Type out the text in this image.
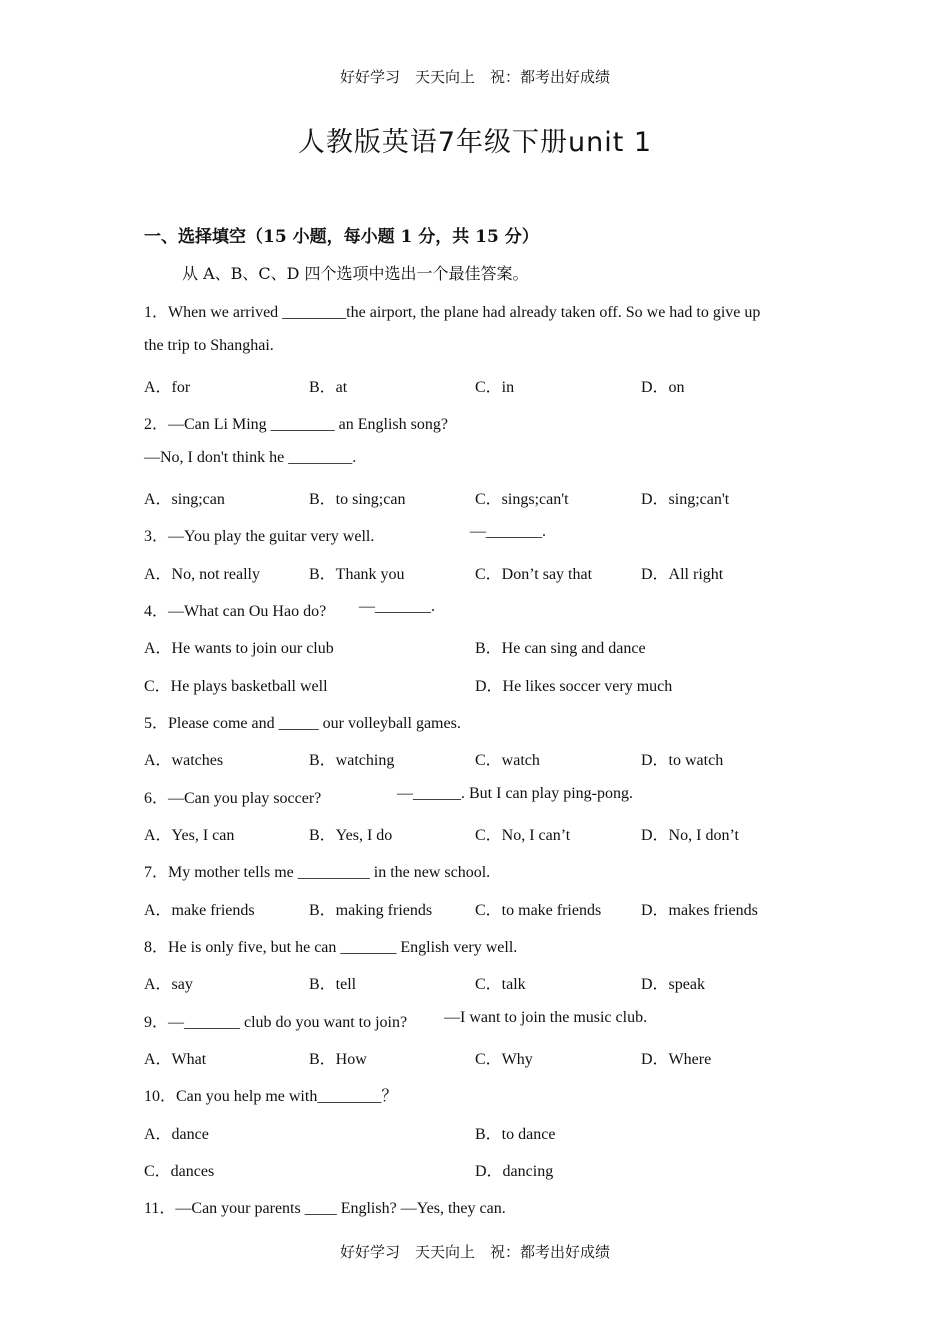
好好学习　天天向上　祝：都考出好成绩
人教版英语7年级下册unit 1
一、选择填空（15 小题，每小题 1 分，共 15 分）
从 A、B、C、D 四个选项中选出一个最佳答案。
1．When we arrived ________the airport, the plane had already taken off. So we had to give up
the trip to Shanghai.
A．for	B．at	C．in	D．on
2．—Can Li Ming ________ an English song?
—No, I don't think he ________.
A．sing;can	B．to sing;can	C．sings;can't	D．sing;can't
3．—You play the guitar very well.	—_______.
A．No, not really	B．Thank you	C．Don’t say that	D．All right
4．—What can Ou Hao do? —_______.
A．He wants to join our club	B．He can sing and dance
C．He plays basketball well	D．He likes soccer very much
5．Please come and _____ our volleyball games.
A．watches	B．watching	C．watch	D．to watch
6．—Can you play soccer?	—______. But I can play ping-pong.
A．Yes, I can	B．Yes, I do	C．No, I can’t	D．No, I don’t
7．My mother tells me _________ in the new school.
A．make friends	B．making friends	C．to make friends D．makes friends
8．He is only five, but he can _______ English very well.
A．say	B．tell	C．talk	D．speak
9．—_______ club do you want to join? —I want to join the music club.
A．What	B．How	C．Why	D．Where
10．Can you help me with________？
A．dance	B．to dance
C．dances	D．dancing
11．—Can your parents ____ English? —Yes, they can.
好好学习　天天向上　祝：都考出好成绩
